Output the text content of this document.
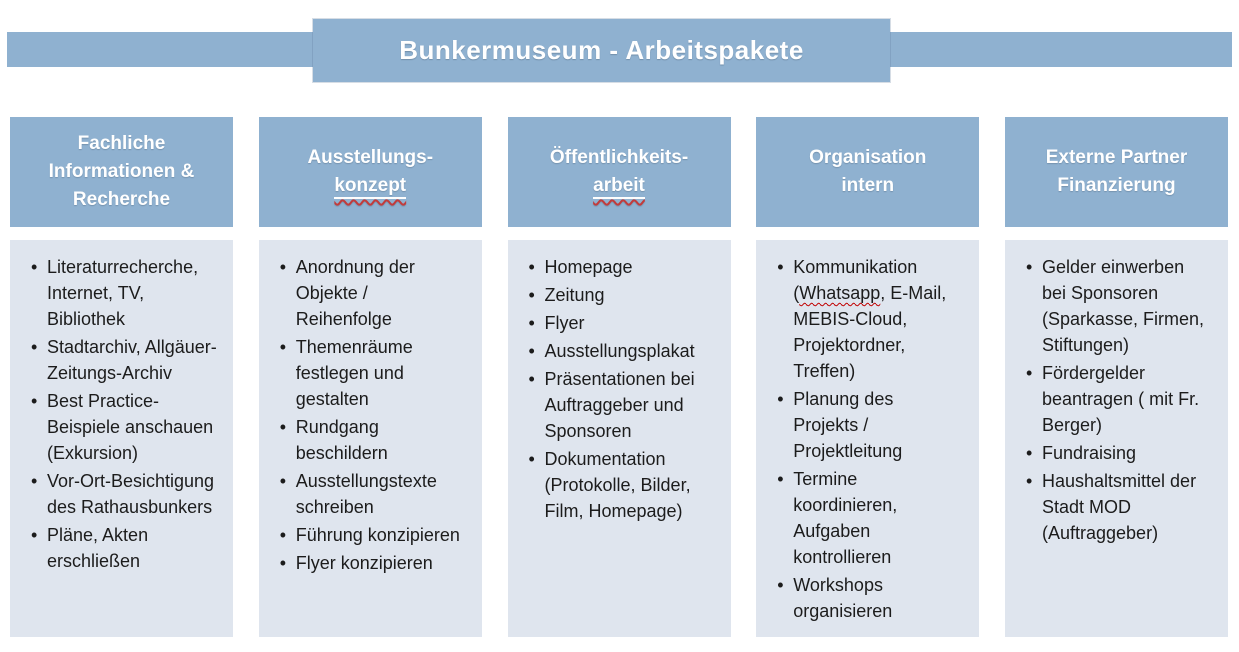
Bunkermuseum - Arbeitspakete
Fachliche
Informationen &
Recherche
• Literaturrecherche, Internet, TV, Bibliothek
• Stadtarchiv, Allgäuer-Zeitungs-Archiv
• Best Practice-Beispiele anschauen (Exkursion)
• Vor-Ort-Besichtigung des Rathausbunkers
• Pläne, Akten erschließen
Ausstellungs-
konzept
• Anordnung der Objekte / Reihenfolge
• Themenräume festlegen und gestalten
• Rundgang beschildern
• Ausstellungstexte schreiben
• Führung konzipieren
• Flyer konzipieren
Öffentlichkeits-
arbeit
• Homepage
• Zeitung
• Flyer
• Ausstellungsplakat
• Präsentationen bei Auftraggeber und Sponsoren
• Dokumentation (Protokolle, Bilder, Film, Homepage)
Organisation
intern
• Kommunikation (Whatsapp, E-Mail, MEBIS-Cloud, Projektordner, Treffen)
• Planung des Projekts / Projektleitung
• Termine koordinieren, Aufgaben kontrollieren
• Workshops organisieren
Externe Partner
Finanzierung
• Gelder einwerben bei Sponsoren (Sparkasse, Firmen, Stiftungen)
• Fördergelder beantragen ( mit Fr. Berger)
• Fundraising
• Haushaltsmittel der Stadt MOD (Auftraggeber)
